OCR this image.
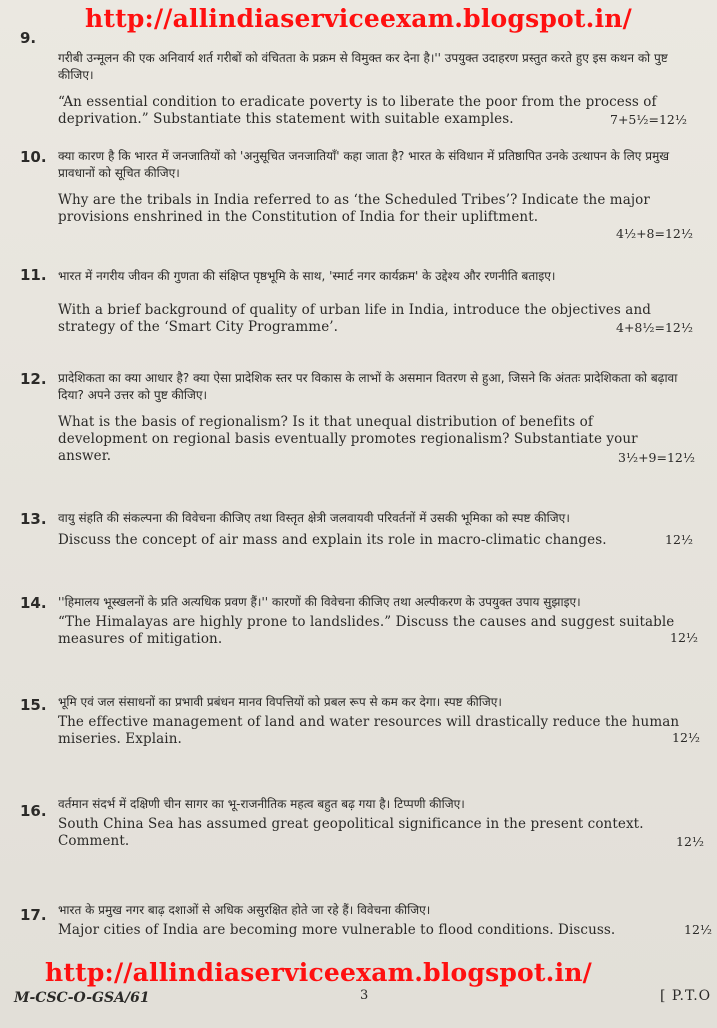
http://allindiaserviceexam.blogspot.in/
9.
गरीबी उन्मूलन की एक अनिवार्य शर्त गरीबों को वंचितता के प्रक्रम से विमुक्त कर देना है।'' उपयुक्त उदाहरण प्रस्तुत करते हुए इस कथन को पुष्ट कीजिए।
“An essential condition to eradicate poverty is to liberate the poor from the process of deprivation.” Substantiate this statement with suitable examples.	7+5½=12½
10. क्या कारण है कि भारत में जनजातियों को 'अनुसूचित जनजातियाँ' कहा जाता है? भारत के संविधान में प्रतिष्ठापित उनके उत्थापन के लिए प्रमुख प्रावधानों को सूचित कीजिए।
Why are the tribals in India referred to as ‘the Scheduled Tribes’? Indicate the major provisions enshrined in the Constitution of India for their upliftment.
4½+8=12½
11. भारत में नगरीय जीवन की गुणता की संक्षिप्त पृष्ठभूमि के साथ, 'स्मार्ट नगर कार्यक्रम' के उद्देश्य और रणनीति बताइए।
With a brief background of quality of urban life in India, introduce the objectives and strategy of the ‘Smart City Programme’.	4+8½=12½
12. प्रादेशिकता का क्या आधार है? क्या ऐसा प्रादेशिक स्तर पर विकास के लाभों के असमान वितरण से हुआ, जिसने कि अंततः प्रादेशिकता को बढ़ावा दिया? अपने उत्तर को पुष्ट कीजिए।
What is the basis of regionalism? Is it that unequal distribution of benefits of development on regional basis eventually promotes regionalism? Substantiate your answer.	3½+9=12½
13. वायु संहति की संकल्पना की विवेचना कीजिए तथा विस्तृत क्षेत्री जलवायवी परिवर्तनों में उसकी भूमिका को स्पष्ट कीजिए।
Discuss the concept of air mass and explain its role in macro-climatic changes.	12½
14. ''हिमालय भूस्खलनों के प्रति अत्यधिक प्रवण हैं।'' कारणों की विवेचना कीजिए तथा अल्पीकरण के उपयुक्त उपाय सुझाइए।
“The Himalayas are highly prone to landslides.” Discuss the causes and suggest suitable measures of mitigation.	12½
15. भूमि एवं जल संसाधनों का प्रभावी प्रबंधन मानव विपत्तियों को प्रबल रूप से कम कर देगा। स्पष्ट कीजिए।
The effective management of land and water resources will drastically reduce the human miseries. Explain.	12½
16. वर्तमान संदर्भ में दक्षिणी चीन सागर का भू-राजनीतिक महत्व बहुत बढ़ गया है। टिप्पणी कीजिए।
South China Sea has assumed great geopolitical significance in the present context. Comment.	12½
17. भारत के प्रमुख नगर बाढ़ दशाओं से अधिक असुरक्षित होते जा रहे हैं। विवेचना कीजिए।
Major cities of India are becoming more vulnerable to flood conditions. Discuss.	12½
http://allindiaserviceexam.blogspot.in/
M-CSC-O-GSA/61	3	[ P.T.O
